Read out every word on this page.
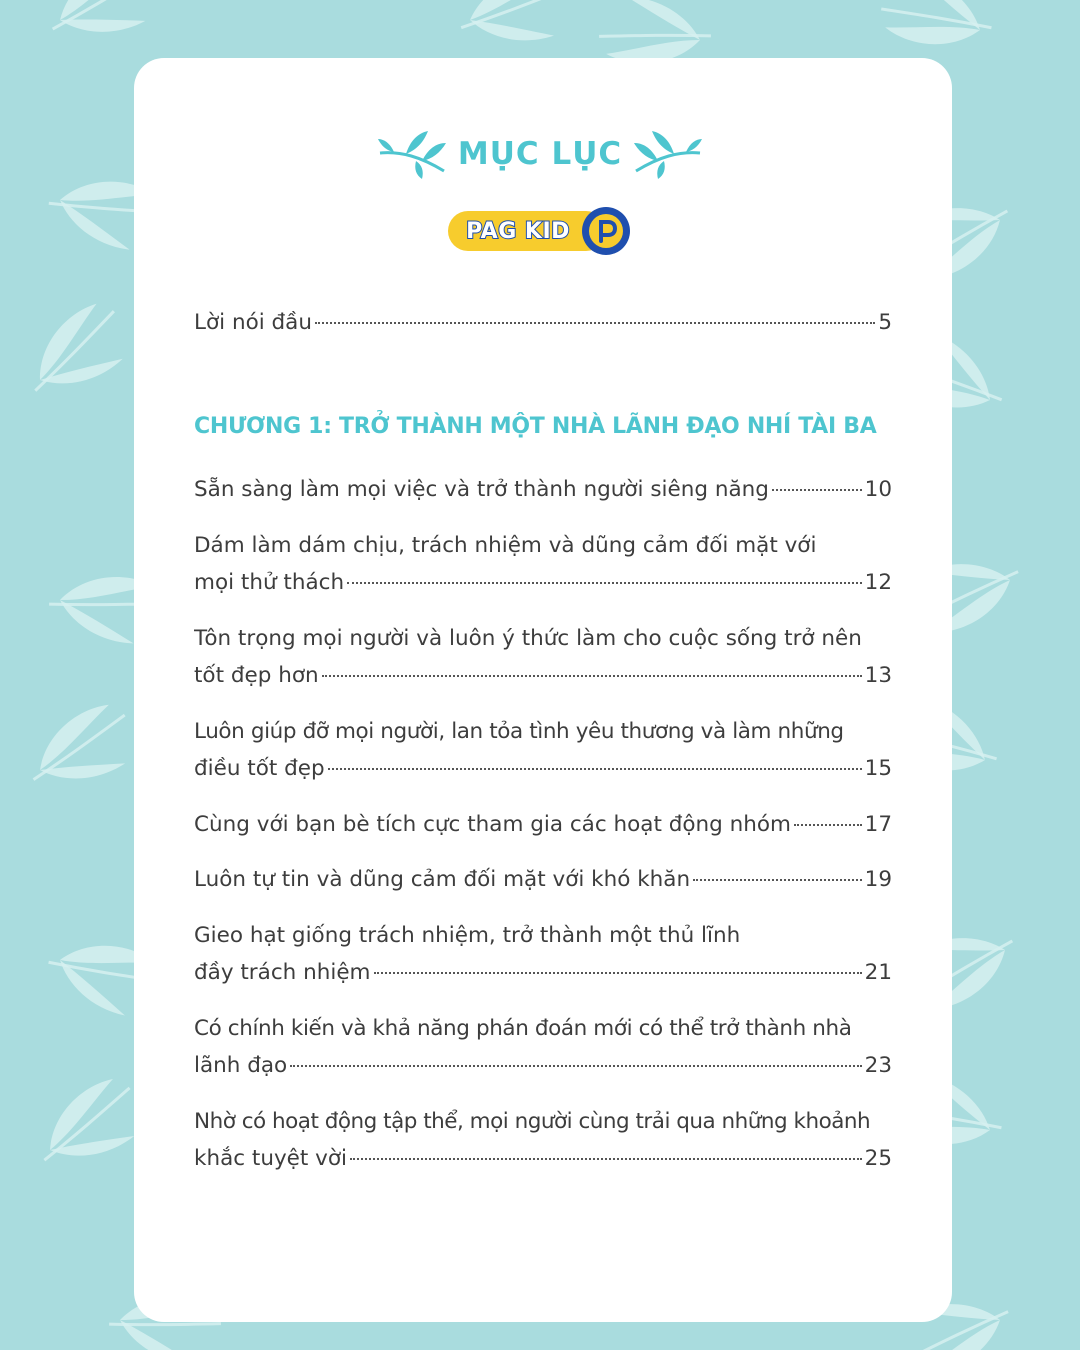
MỤC LỤC
PAG KID
Lời nói đầu	5
CHƯƠNG 1: TRỞ THÀNH MỘT NHÀ LÃNH ĐẠO NHÍ TÀI BA
Sẵn sàng làm mọi việc và trở thành người siêng năng	10
Dám làm dám chịu, trách nhiệm và dũng cảm đối mặt với
mọi thử thách	12
Tôn trọng mọi người và luôn ý thức làm cho cuộc sống trở nên
tốt đẹp hơn	13
Luôn giúp đỡ mọi người, lan tỏa tình yêu thương và làm những
điều tốt đẹp	15
Cùng với bạn bè tích cực tham gia các hoạt động nhóm	17
Luôn tự tin và dũng cảm đối mặt với khó khăn	19
Gieo hạt giống trách nhiệm, trở thành một thủ lĩnh
đầy trách nhiệm	21
Có chính kiến và khả năng phán đoán mới có thể trở thành nhà
lãnh đạo	23
Nhờ có hoạt động tập thể, mọi người cùng trải qua những khoảnh
khắc tuyệt vời	25
